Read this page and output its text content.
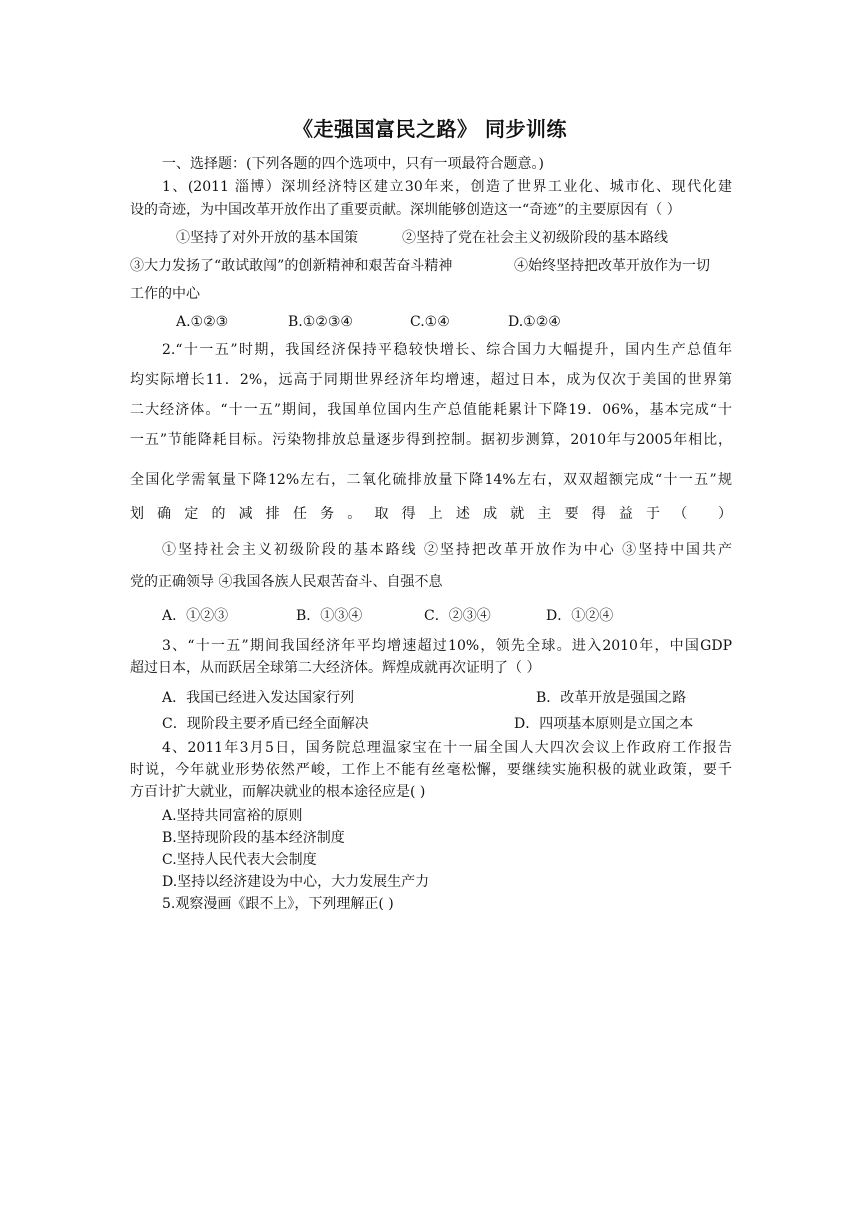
《走强国富民之路》 同步训练
一、选择题：(下列各题的四个选项中，只有一项最符合题意。)
1、(2011 淄博）深圳经济特区建立30年来，创造了世界工业化、城市化、现代化建
设的奇迹，为中国改革开放作出了重要贡献。深圳能够创造这一“奇迹”的主要原因有（ ）
①坚持了对外开放的基本国策	②坚持了党在社会主义初级阶段的基本路线
③大力发扬了“敢试敢闯”的创新精神和艰苦奋斗精神	④始终坚持把改革开放作为一切
工作的中心
A.①②③	B.①②③④	C.①④	D.①②④
2.“十一五”时期，我国经济保持平稳较快增长、综合国力大幅提升，国内生产总值年
均实际增长11．2%，远高于同期世界经济年均增速，超过日本，成为仅次于美国的世界第
二大经济体。“十一五”期间，我国单位国内生产总值能耗累计下降19．06%，基本完成“十
一五”节能降耗目标。污染物排放总量逐步得到控制。据初步测算，2010年与2005年相比，
全国化学需氧量下降12%左右，二氧化硫排放量下降14%左右，双双超额完成“十一五”规
划确定的减排任务。取得上述成就主要得益于（ ）
①坚持社会主义初级阶段的基本路线 ②坚持把改革开放作为中心 ③坚持中国共产
党的正确领导 ④我国各族人民艰苦奋斗、自强不息
A．①②③	B．①③④	C．②③④	D．①②④
3、“十一五”期间我国经济年平均增速超过10%，领先全球。进入2010年，中国GDP
超过日本，从而跃居全球第二大经济体。辉煌成就再次证明了（ ）
A．我国已经进入发达国家行列	B．改革开放是强国之路
C．现阶段主要矛盾已经全面解决	D．四项基本原则是立国之本
4、2011年3月5日，国务院总理温家宝在十一届全国人大四次会议上作政府工作报告
时说，今年就业形势依然严峻，工作上不能有丝毫松懈，要继续实施积极的就业政策，要千
方百计扩大就业，而解决就业的根本途径应是( )
A.坚持共同富裕的原则
B.坚持现阶段的基本经济制度
C.坚持人民代表大会制度
D.坚持以经济建设为中心，大力发展生产力
5.观察漫画《跟不上》，下列理解正( )
